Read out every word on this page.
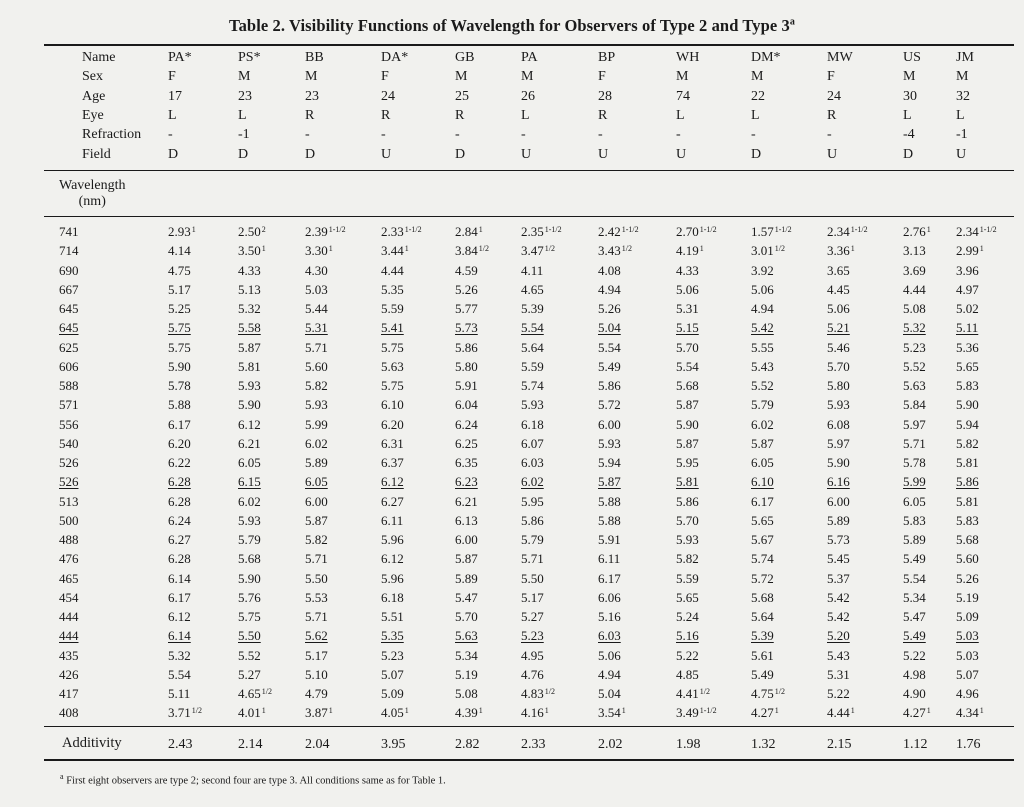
Table 2. Visibility Functions of Wavelength for Observers of Type 2 and Type 3$^a$
Name	PA*	PS*	BB	DA*	GB	PA	BP	WH	DM*	MW	US	JM
Sex	F	M	M	F	M	M	F	M	M	F	M	M
Age	17	23	23	24	25	26	28	74	22	24	30	32
Eye	L	L	R	R	R	L	R	L	L	R	L	L
Refraction -	-1	-	-	-	-	-	-	-	-	-4	-1
Field	D	D	D	U	D	U	U	U	D	U	D	U
Wavelength
(nm)
741	2.93$^1$	2.50$^2$	$2.39^{1-1/2}$	$2.33^{1-1/2}$	2.84$^1$	$2.35^{1-1/2}$	$2.42^{1-1/2}$	$2.70^{1-1/2}$	$1.57^{1-1/2}$	$2.34^{1-1/2}$	2.76$^1$ $2.34^{1-1/2}$
714	4.14	3.50$^1$	3.30$^1$	3.44$^1$	$3.84^{1/2}$ $3.47^{1/2}$	$3.43^{1/2}$	4.19$^1$	$3.01^{1/2}$	3.36$^1$	3.13 2.99$^1$
690	4.75	4.33	4.30	4.44	4.59	4.11	4.08	4.33	3.92	3.65	3.69 3.96
667	5.17	5.13	5.03	5.35	5.26	4.65	4.94	5.06	5.06	4.45	4.44 4.97
645	5.25	5.32	5.44	5.59	5.77	5.39	5.26	5.31	4.94	5.06	5.08 5.02
645	5.75	5.58	5.31	5.41	5.73	5.54	5.04	5.15	5.42	5.21	5.32 5.11
625	5.75	5.87	5.71	5.75	5.86	5.64	5.54	5.70	5.55	5.46	5.23 5.36
606	5.90	5.81	5.60	5.63	5.80	5.59	5.49	5.54	5.43	5.70	5.52 5.65
588	5.78	5.93	5.82	5.75	5.91	5.74	5.86	5.68	5.52	5.80	5.63 5.83
571	5.88	5.90	5.93	6.10	6.04	5.93	5.72	5.87	5.79	5.93	5.84 5.90
556	6.17	6.12	5.99	6.20	6.24	6.18	6.00	5.90	6.02	6.08	5.97 5.94
540	6.20	6.21	6.02	6.31	6.25	6.07	5.93	5.87	5.87	5.97	5.71 5.82
526	6.22	6.05	5.89	6.37	6.35	6.03	5.94	5.95	6.05	5.90	5.78 5.81
526	6.28	6.15	6.05	6.12	6.23	6.02	5.87	5.81	6.10	6.16	5.99 5.86
513	6.28	6.02	6.00	6.27	6.21	5.95	5.88	5.86	6.17	6.00	6.05 5.81
500	6.24	5.93	5.87	6.11	6.13	5.86	5.88	5.70	5.65	5.89	5.83 5.83
488	6.27	5.79	5.82	5.96	6.00	5.79	5.91	5.93	5.67	5.73	5.89 5.68
476	6.28	5.68	5.71	6.12	5.87	5.71	6.11	5.82	5.74	5.45	5.49 5.60
465	6.14	5.90	5.50	5.96	5.89	5.50	6.17	5.59	5.72	5.37	5.54 5.26
454	6.17	5.76	5.53	6.18	5.47	5.17	6.06	5.65	5.68	5.42	5.34 5.19
444	6.12	5.75	5.71	5.51	5.70	5.27	5.16	5.24	5.64	5.42	5.47 5.09
444	6.14	5.50	5.62	5.35	5.63	5.23	6.03	5.16	5.39	5.20	5.49 5.03
435	5.32	5.52	5.17	5.23	5.34	4.95	5.06	5.22	5.61	5.43	5.22 5.03
426	5.54	5.27	5.10	5.07	5.19	4.76	4.94	4.85	5.49	5.31	4.98 5.07
417	5.11	$4.65^{1/2}$	4.79	5.09	5.08	$4.83^{1/2}$	5.04	$4.41^{1/2}$	$4.75^{1/2}$	5.22	4.90 4.96
408	$3.71^{1/2}$	4.01$^1$	3.87$^1$	4.05$^1$	4.39$^1$	4.16$^1$	3.54$^1$	$3.49^{1-1/2}$	4.27$^1$	4.44$^1$	4.27$^1$ 4.34$^1$
Additivity	2.43	2.14	2.04	3.95	2.82	2.33	2.02	1.98	1.32	2.15	1.12 1.76
$^a$ First eight observers are type 2; second four are type 3. All conditions same as for Table 1.
